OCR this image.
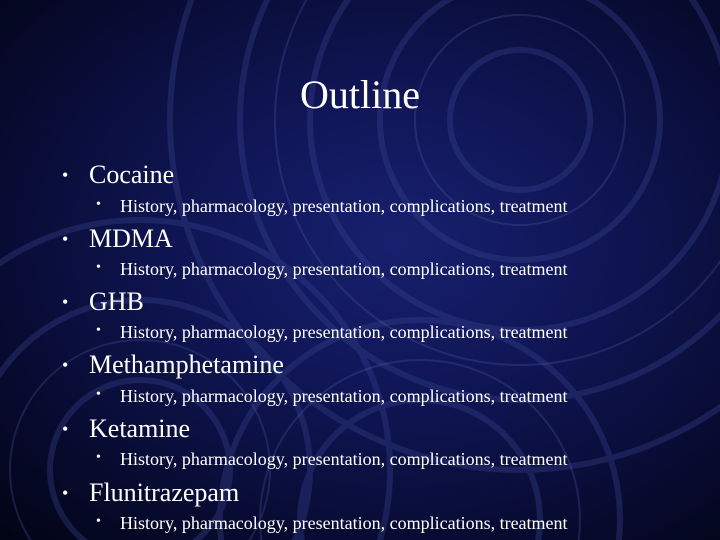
Outline
• Cocaine
• History, pharmacology, presentation, complications, treatment
• MDMA
• History, pharmacology, presentation, complications, treatment
• GHB
• History, pharmacology, presentation, complications, treatment
• Methamphetamine
• History, pharmacology, presentation, complications, treatment
• Ketamine
• History, pharmacology, presentation, complications, treatment
• Flunitrazepam
• History, pharmacology, presentation, complications, treatment
